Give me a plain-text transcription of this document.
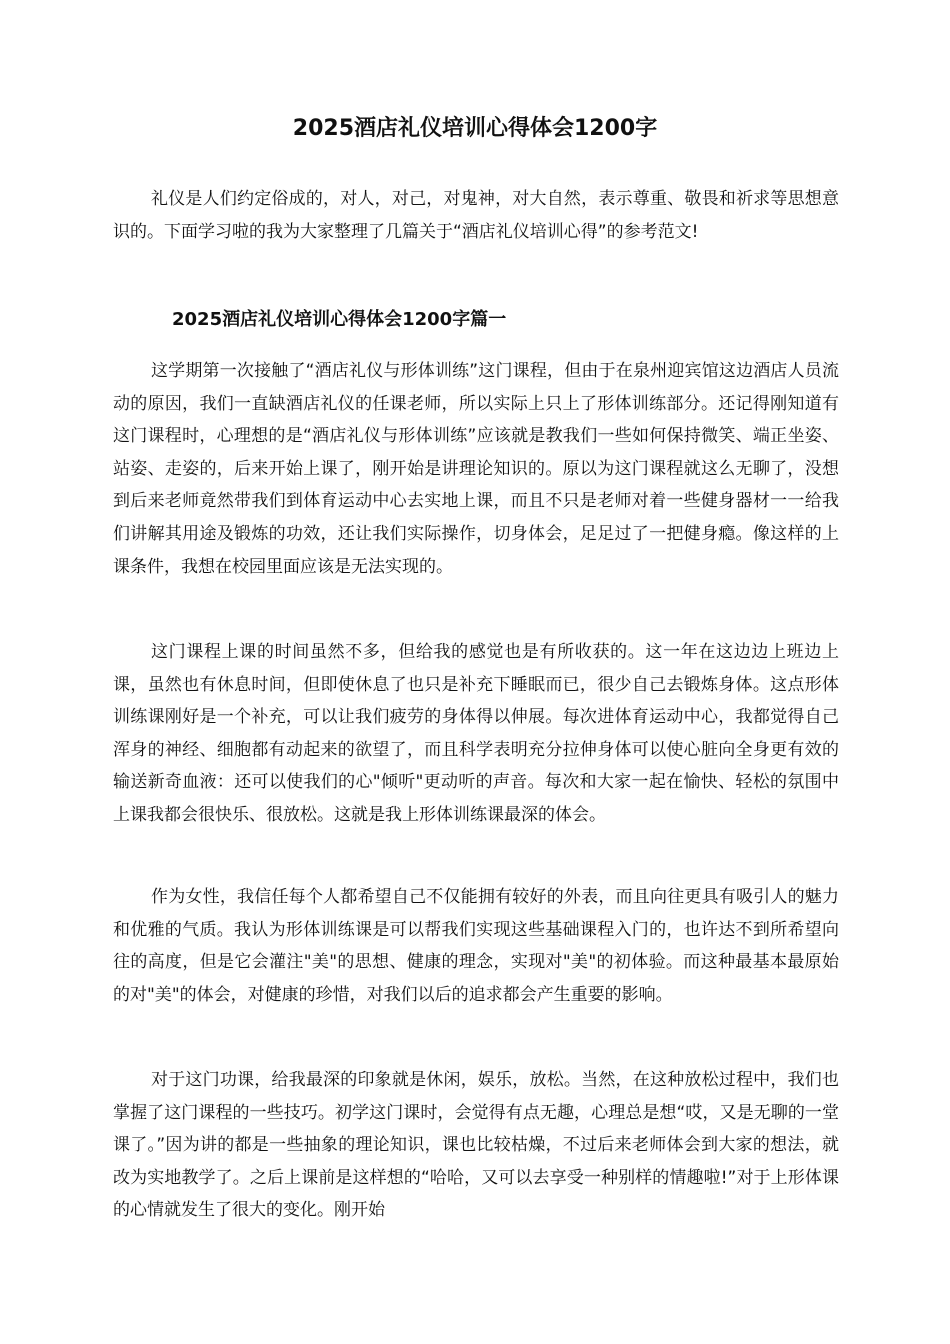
2025酒店礼仪培训心得体会1200字

礼仪是人们约定俗成的，对人，对己，对鬼神，对大自然，表示尊重、敬畏和祈求等思想意识的。下面学习啦的我为大家整理了几篇关于“酒店礼仪培训心得”的参考范文!

2025酒店礼仪培训心得体会1200字篇一

这学期第一次接触了“酒店礼仪与形体训练”这门课程，但由于在泉州迎宾馆这边酒店人员流动的原因，我们一直缺酒店礼仪的任课老师，所以实际上只上了形体训练部分。还记得刚知道有这门课程时，心理想的是“酒店礼仪与形体训练”应该就是教我们一些如何保持微笑、端正坐姿、站姿、走姿的，后来开始上课了，刚开始是讲理论知识的。原以为这门课程就这么无聊了，没想到后来老师竟然带我们到体育运动中心去实地上课，而且不只是老师对着一些健身器材一一给我们讲解其用途及锻炼的功效，还让我们实际操作，切身体会，足足过了一把健身瘾。像这样的上课条件，我想在校园里面应该是无法实现的。

这门课程上课的时间虽然不多，但给我的感觉也是有所收获的。这一年在这边边上班边上课，虽然也有休息时间，但即使休息了也只是补充下睡眠而已，很少自己去锻炼身体。这点形体训练课刚好是一个补充，可以让我们疲劳的身体得以伸展。每次进体育运动中心，我都觉得自己浑身的神经、细胞都有动起来的欲望了，而且科学表明充分拉伸身体可以使心脏向全身更有效的输送新奇血液：还可以使我们的心"倾听"更动听的声音。每次和大家一起在愉快、轻松的氛围中上课我都会很快乐、很放松。这就是我上形体训练课最深的体会。

作为女性，我信任每个人都希望自己不仅能拥有较好的外表，而且向往更具有吸引人的魅力和优雅的气质。我认为形体训练课是可以帮我们实现这些基础课程入门的，也许达不到所希望向往的高度，但是它会灌注"美"的思想、健康的理念，实现对"美"的初体验。而这种最基本最原始的对"美"的体会，对健康的珍惜，对我们以后的追求都会产生重要的影响。

对于这门功课，给我最深的印象就是休闲，娱乐，放松。当然，在这种放松过程中，我们也掌握了这门课程的一些技巧。初学这门课时，会觉得有点无趣，心理总是想“哎，又是无聊的一堂课了。”因为讲的都是一些抽象的理论知识，课也比较枯燥，不过后来老师体会到大家的想法，就改为实地教学了。之后上课前是这样想的“哈哈，又可以去享受一种别样的情趣啦!”对于上形体课的心情就发生了很大的变化。刚开始
